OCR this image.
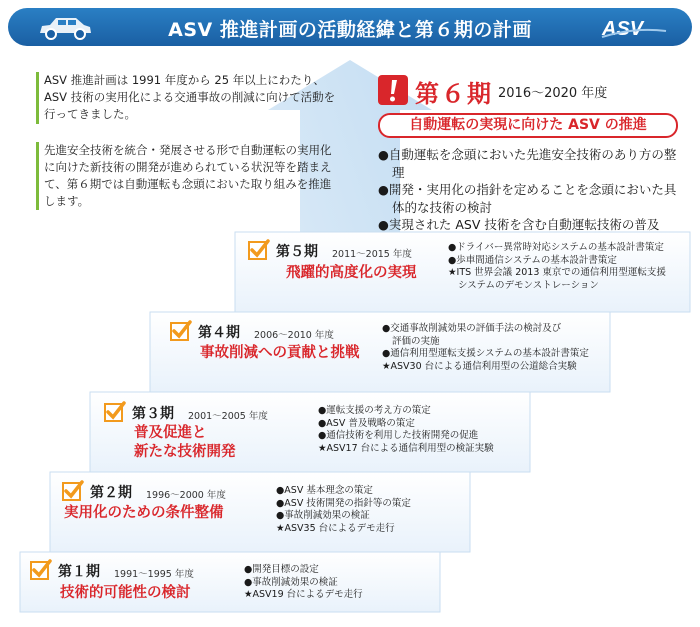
ASV 推進計画の活動経緯と第６期の計画	ASV
ASV 推進計画は 1991 年度から 25 年以上にわたり、ASV 技術の実用化による交通事故の削減に向けて活動を行ってきました。
先進安全技術を統合・発展させる形で自動運転の実用化に向けた新技術の開発が進められている状況等を踏まえて、第６期では自動運転も念頭においた取り組みを推進します。
第６期 2016～2020 年度
自動運転の実現に向けた ASV の推進
●自動運転を念頭においた先進安全技術のあり方の整理
●開発・実用化の指針を定めることを念頭においた具体的な技術の検討
●実現された ASV 技術を含む自動運転技術の普及
第５期 2011～2015 年度
飛躍的高度化の実現
●ドライバー異常時対応システムの基本設計書策定
●歩車間通信システムの基本設計書策定
★ITS 世界会議 2013 東京での通信利用型運転支援
システムのデモンストレーション
第４期 2006～2010 年度
事故削減への貢献と挑戦
●交通事故削減効果の評価手法の検討及び
評価の実施
●通信利用型運転支援システムの基本設計書策定
★ASV30 台による通信利用型の公道総合実験
第３期 2001～2005 年度
普及促進と
新たな技術開発
●運転支援の考え方の策定
●ASV 普及戦略の策定
●通信技術を利用した技術開発の促進
★ASV17 台による通信利用型の検証実験
第２期 1996～2000 年度
実用化のための条件整備
●ASV 基本理念の策定
●ASV 技術開発の指針等の策定
●事故削減効果の検証
★ASV35 台によるデモ走行
第１期 1991～1995 年度
技術的可能性の検討
●開発目標の設定
●事故削減効果の検証
★ASV19 台によるデモ走行
